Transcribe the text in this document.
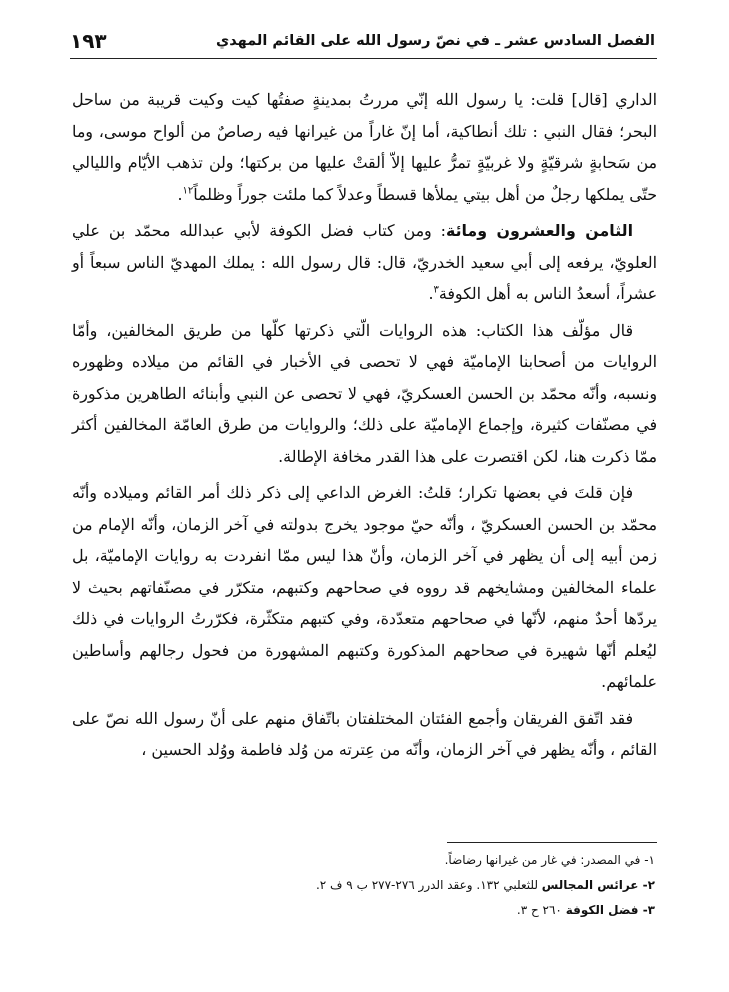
الفصل السادس عشر ـ في نصّ رسول الله على القائم المهدي
١٩٣

الداري [قال] قلت: يا رسول الله إنّي مررتُ بمدينةٍ صفتُها كيت وكيت قريبة من ساحل البحر؛ فقال النبي : تلك أنطاكية، أما إنّ غاراً من غيرانها فيه رصاصٌ من ألواح موسى، وما من سَحابةٍ شرقيّةٍ ولا غربيّةٍ تمرُّ عليها إلاّ ألقتْ عليها من بركتها؛ ولن تذهب الأيّام والليالي حتّى يملكها رجلٌ من أهل بيتي يملأها قسطاً وعدلاً كما ملئت جوراً وظلماً$^{١٢}$.

الثامن والعشرون ومائة: ومن كتاب فضل الكوفة لأبي عبدالله محمّد بن علي العلويّ، يرفعه إلى أبي سعيد الخدريّ، قال: قال رسول الله : يملك المهديّ الناس سبعاً أو عشراً، أسعدُ الناس به أهل الكوفة$^٣$.

قال مؤلّف هذا الكتاب: هذه الروايات الّتي ذكرتها كلّها من طريق المخالفين، وأمّا الروايات من أصحابنا الإماميّة فهي لا تحصى في الأخبار في القائم من ميلاده وظهوره ونسبه، وأنّه محمّد بن الحسن العسكريّ، فهي لا تحصى عن النبي وأبنائه الطاهرين مذكورة في مصنّفات كثيرة، وإجماع الإماميّة على ذلك؛ والروايات من طرق العامّة المخالفين أكثر ممّا ذكرت هنا، لكن اقتصرت على هذا القدر مخافة الإطالة.

فإن قلتَ في بعضها تكرار؛ قلتُ: الغرض الداعي إلى ذكر ذلك أمر القائم وميلاده وأنّه محمّد بن الحسن العسكريّ ، وأنّه حيّ موجود يخرج بدولته في آخر الزمان، وأنّه الإمام من زمن أبيه إلى أن يظهر في آخر الزمان، وأنّ هذا ليس ممّا انفردت به روايات الإماميّة، بل علماء المخالفين ومشايخهم قد رووه في صحاحهم وكتبهم، متكرّر في مصنّفاتهم بحيث لا يردّها أحدٌ منهم، لأنّها في صحاحهم متعدّدة، وفي كتبهم متكثّرة، فكرّرتُ الروايات في ذلك ليُعلم أنّها شهيرة في صحاحهم المذكورة وكتبهم المشهورة من فحول رجالهم وأساطين علمائهم.

فقد اتّفق الفريقان وأجمع الفئتان المختلفتان باتّفاق منهم على أنّ رسول الله نصّ على القائم ، وأنّه يظهر في آخر الزمان، وأنّه من عِترته من وُلد فاطمة ووُلد الحسين ،

١- في المصدر: في غار من غيرانها رضاضاً.
٢- عرائس المجالس للثعلبي ١٣٢. وعقد الدرر ٢٧٦-٢٧٧ ب ٩ ف ٢.
٣- فضل الكوفة ٢٦٠ ح ٣.
